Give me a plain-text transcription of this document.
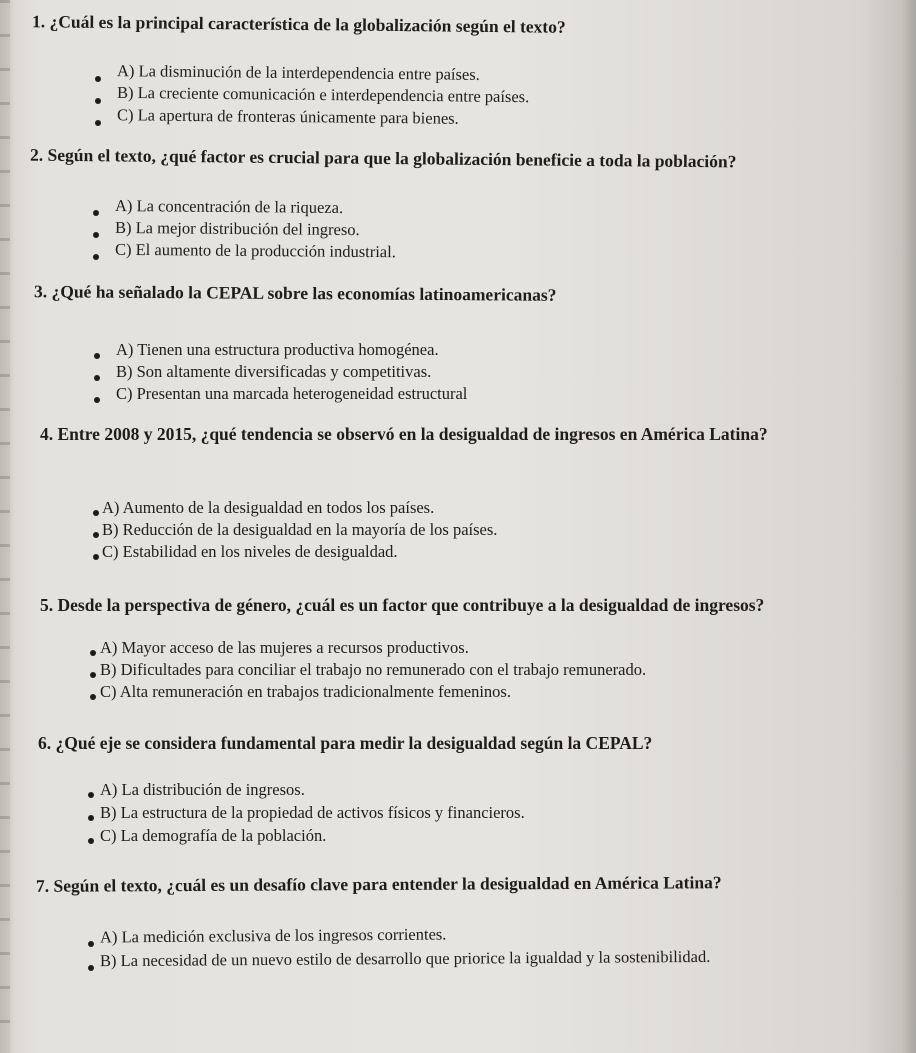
1. ¿Cuál es la principal característica de la globalización según el texto?

A) La disminución de la interdependencia entre países.
B) La creciente comunicación e interdependencia entre países.
C) La apertura de fronteras únicamente para bienes.

2. Según el texto, ¿qué factor es crucial para que la globalización beneficie a toda la población?

A) La concentración de la riqueza.
B) La mejor distribución del ingreso.
C) El aumento de la producción industrial.

3. ¿Qué ha señalado la CEPAL sobre las economías latinoamericanas?

A) Tienen una estructura productiva homogénea.
B) Son altamente diversificadas y competitivas.
C) Presentan una marcada heterogeneidad estructural

4. Entre 2008 y 2015, ¿qué tendencia se observó en la desigualdad de ingresos en América Latina?

A) Aumento de la desigualdad en todos los países.
B) Reducción de la desigualdad en la mayoría de los países.
C) Estabilidad en los niveles de desigualdad.

5. Desde la perspectiva de género, ¿cuál es un factor que contribuye a la desigualdad de ingresos?

A) Mayor acceso de las mujeres a recursos productivos.
B) Dificultades para conciliar el trabajo no remunerado con el trabajo remunerado.
C) Alta remuneración en trabajos tradicionalmente femeninos.

6. ¿Qué eje se considera fundamental para medir la desigualdad según la CEPAL?

A) La distribución de ingresos.
B) La estructura de la propiedad de activos físicos y financieros.
C) La demografía de la población.

7. Según el texto, ¿cuál es un desafío clave para entender la desigualdad en América Latina?

A) La medición exclusiva de los ingresos corrientes.
B) La necesidad de un nuevo estilo de desarrollo que priorice la igualdad y la sostenibilidad.
